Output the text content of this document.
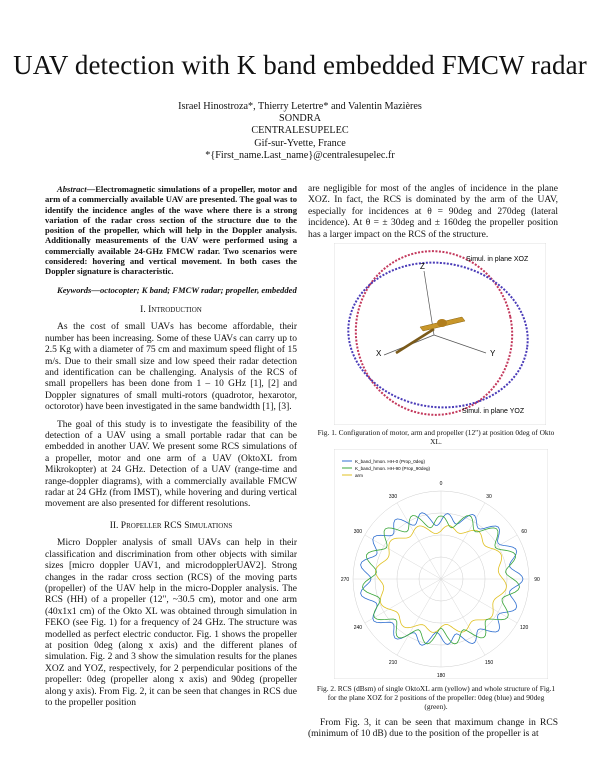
UAV detection with K band embedded FMCW radar
Israel Hinostroza*, Thierry Letertre* and Valentin Mazières
SONDRA
CENTRALESUPELEC
Gif-sur-Yvette, France
*{First_name.Last_name}@centralesupelec.fr

Abstract—Electromagnetic simulations of a propeller, motor and arm of a commercially available UAV are presented. The goal was to identify the incidence angles of the wave where there is a strong variation of the radar cross section of the structure due to the position of the propeller, which will help in the Doppler analysis. Additionally measurements of the UAV were performed using a commercially available 24-GHz FMCW radar. Two scenarios were considered: hovering and vertical movement. In both cases the Doppler signature is characteristic.

Keywords—octocopter; K band; FMCW radar; propeller, embedded

I. Introduction

As the cost of small UAVs has become affordable, their number has been increasing. Some of these UAVs can carry up to 2.5 Kg with a diameter of 75 cm and maximum speed flight of 15 m/s. Due to their small size and low speed their radar detection and identification can be challenging. Analysis of the RCS of small propellers has been done from 1 – 10 GHz [1], [2] and Doppler signatures of small multi-rotors (quadrotor, hexarotor, octorotor) have been investigated in the same bandwidth [1], [3].

The goal of this study is to investigate the feasibility of the detection of a UAV using a small portable radar that can be embedded in another UAV. We present some RCS simulations of a propeller, motor and one arm of a UAV (OktoXL from Mikrokopter) at 24 GHz. Detection of a UAV (range-time and range-doppler diagrams), with a commercially available FMCW radar at 24 GHz (from IMST), while hovering and during vertical movement are also presented for different resolutions.

II. Propeller RCS Simulations

Micro Doppler analysis of small UAVs can help in their classification and discrimination from other objects with similar sizes [micro doppler UAV1, and microdopplerUAV2]. Strong changes in the radar cross section (RCS) of the moving parts (propeller) of the UAV help in the micro-Doppler analysis. The RCS (HH) of a propeller (12", ~30.5 cm), motor and one arm (40x1x1 cm) of the Okto XL was obtained through simulation in FEKO (see Fig. 1) for a frequency of 24 GHz. The structure was modelled as perfect electric conductor. Fig. 1 shows the propeller at position 0deg (along x axis) and the different planes of simulation. Fig. 2 and 3 show the simulation results for the planes XOZ and YOZ, respectively, for 2 perpendicular positions of the propeller: 0deg (propeller along x axis) and 90deg (propeller along y axis). From Fig. 2, it can be seen that changes in RCS due to the propeller position

are negligible for most of the angles of incidence in the plane XOZ. In fact, the RCS is dominated by the arm of the UAV, especially for incidences at θ = 90deg and 270deg (lateral incidence). At θ = ± 30deg and ± 160deg the propeller position has a larger impact on the RCS of the structure.

Z
X	Y
Simul. in plane XOZ
Simul. in plane YOZ
Fig. 1. Configuration of motor, arm and propeller (12") at position 0deg of Okto XL.
K_band_hmon. HH-0 (Prop_0deg)
K_band_hmon. HH-90 (Prop_90deg)
arm
0
30
60
90
120
150
180
210
240
270
300
330
Fig. 2. RCS (dBsm) of single OktoXL arm (yellow) and whole structure of Fig.1 for the plane XOZ for 2 positions of the propeller: 0deg (blue) and 90deg (green).

From Fig. 3, it can be seen that maximum change in RCS (minimum of 10 dB) due to the position of the propeller is at
